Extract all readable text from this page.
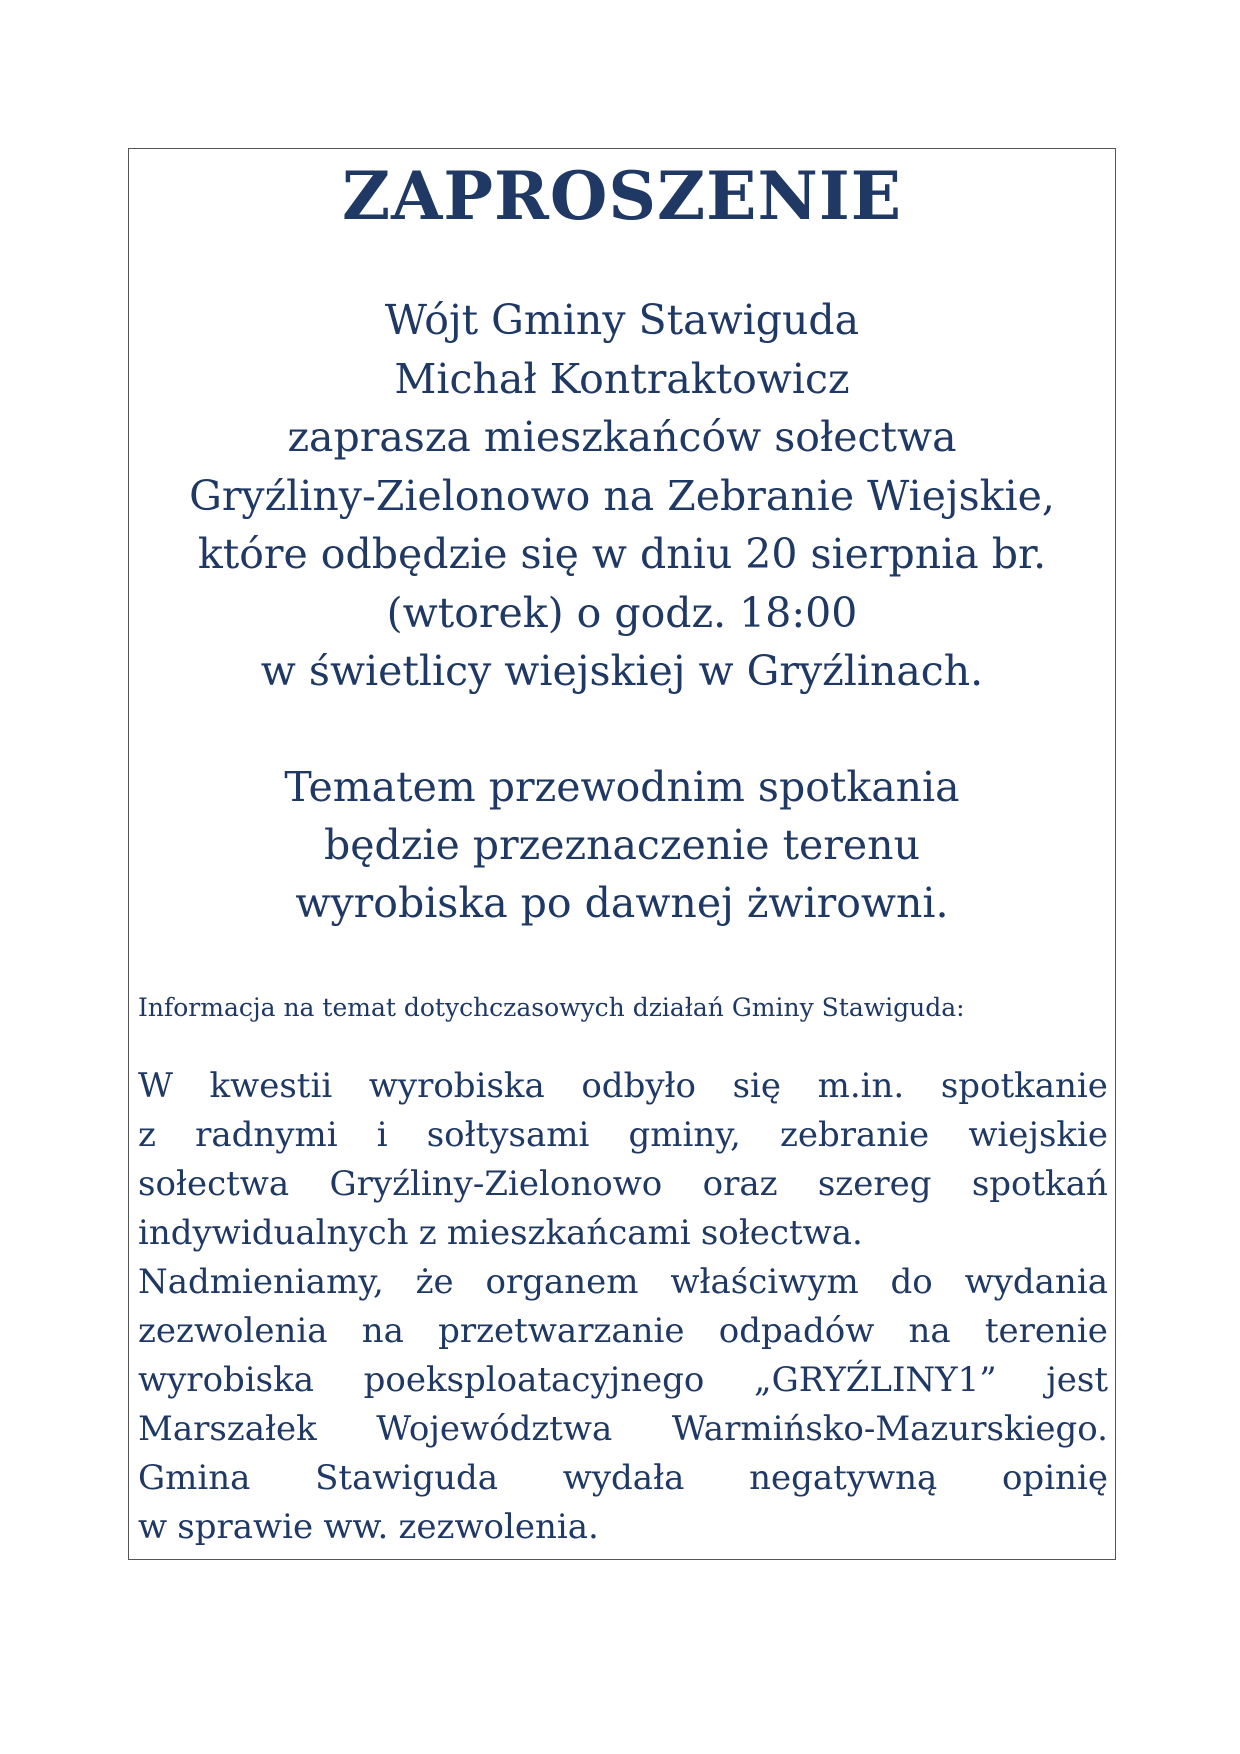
ZAPROSZENIE
Wójt Gminy Stawiguda
Michał Kontraktowicz
zaprasza mieszkańców sołectwa
Gryźliny-Zielonowo na Zebranie Wiejskie,
które odbędzie się w dniu 20 sierpnia br.
(wtorek) o godz. 18:00
w świetlicy wiejskiej w Gryźlinach.
Tematem przewodnim spotkania
będzie przeznaczenie terenu
wyrobiska po dawnej żwirowni.
Informacja na temat dotychczasowych działań Gminy Stawiguda:
W kwestii wyrobiska odbyło się m.in. spotkanie
z radnymi i sołtysami gminy, zebranie wiejskie
sołectwa Gryźliny-Zielonowo oraz szereg spotkań
indywidualnych z mieszkańcami sołectwa.
Nadmieniamy, że organem właściwym do wydania
zezwolenia na przetwarzanie odpadów na terenie
wyrobiska poeksploatacyjnego „GRYŹLINY1” jest
Marszałek Województwa Warmińsko-Mazurskiego.
Gmina Stawiguda wydała negatywną opinię
w sprawie ww. zezwolenia.
